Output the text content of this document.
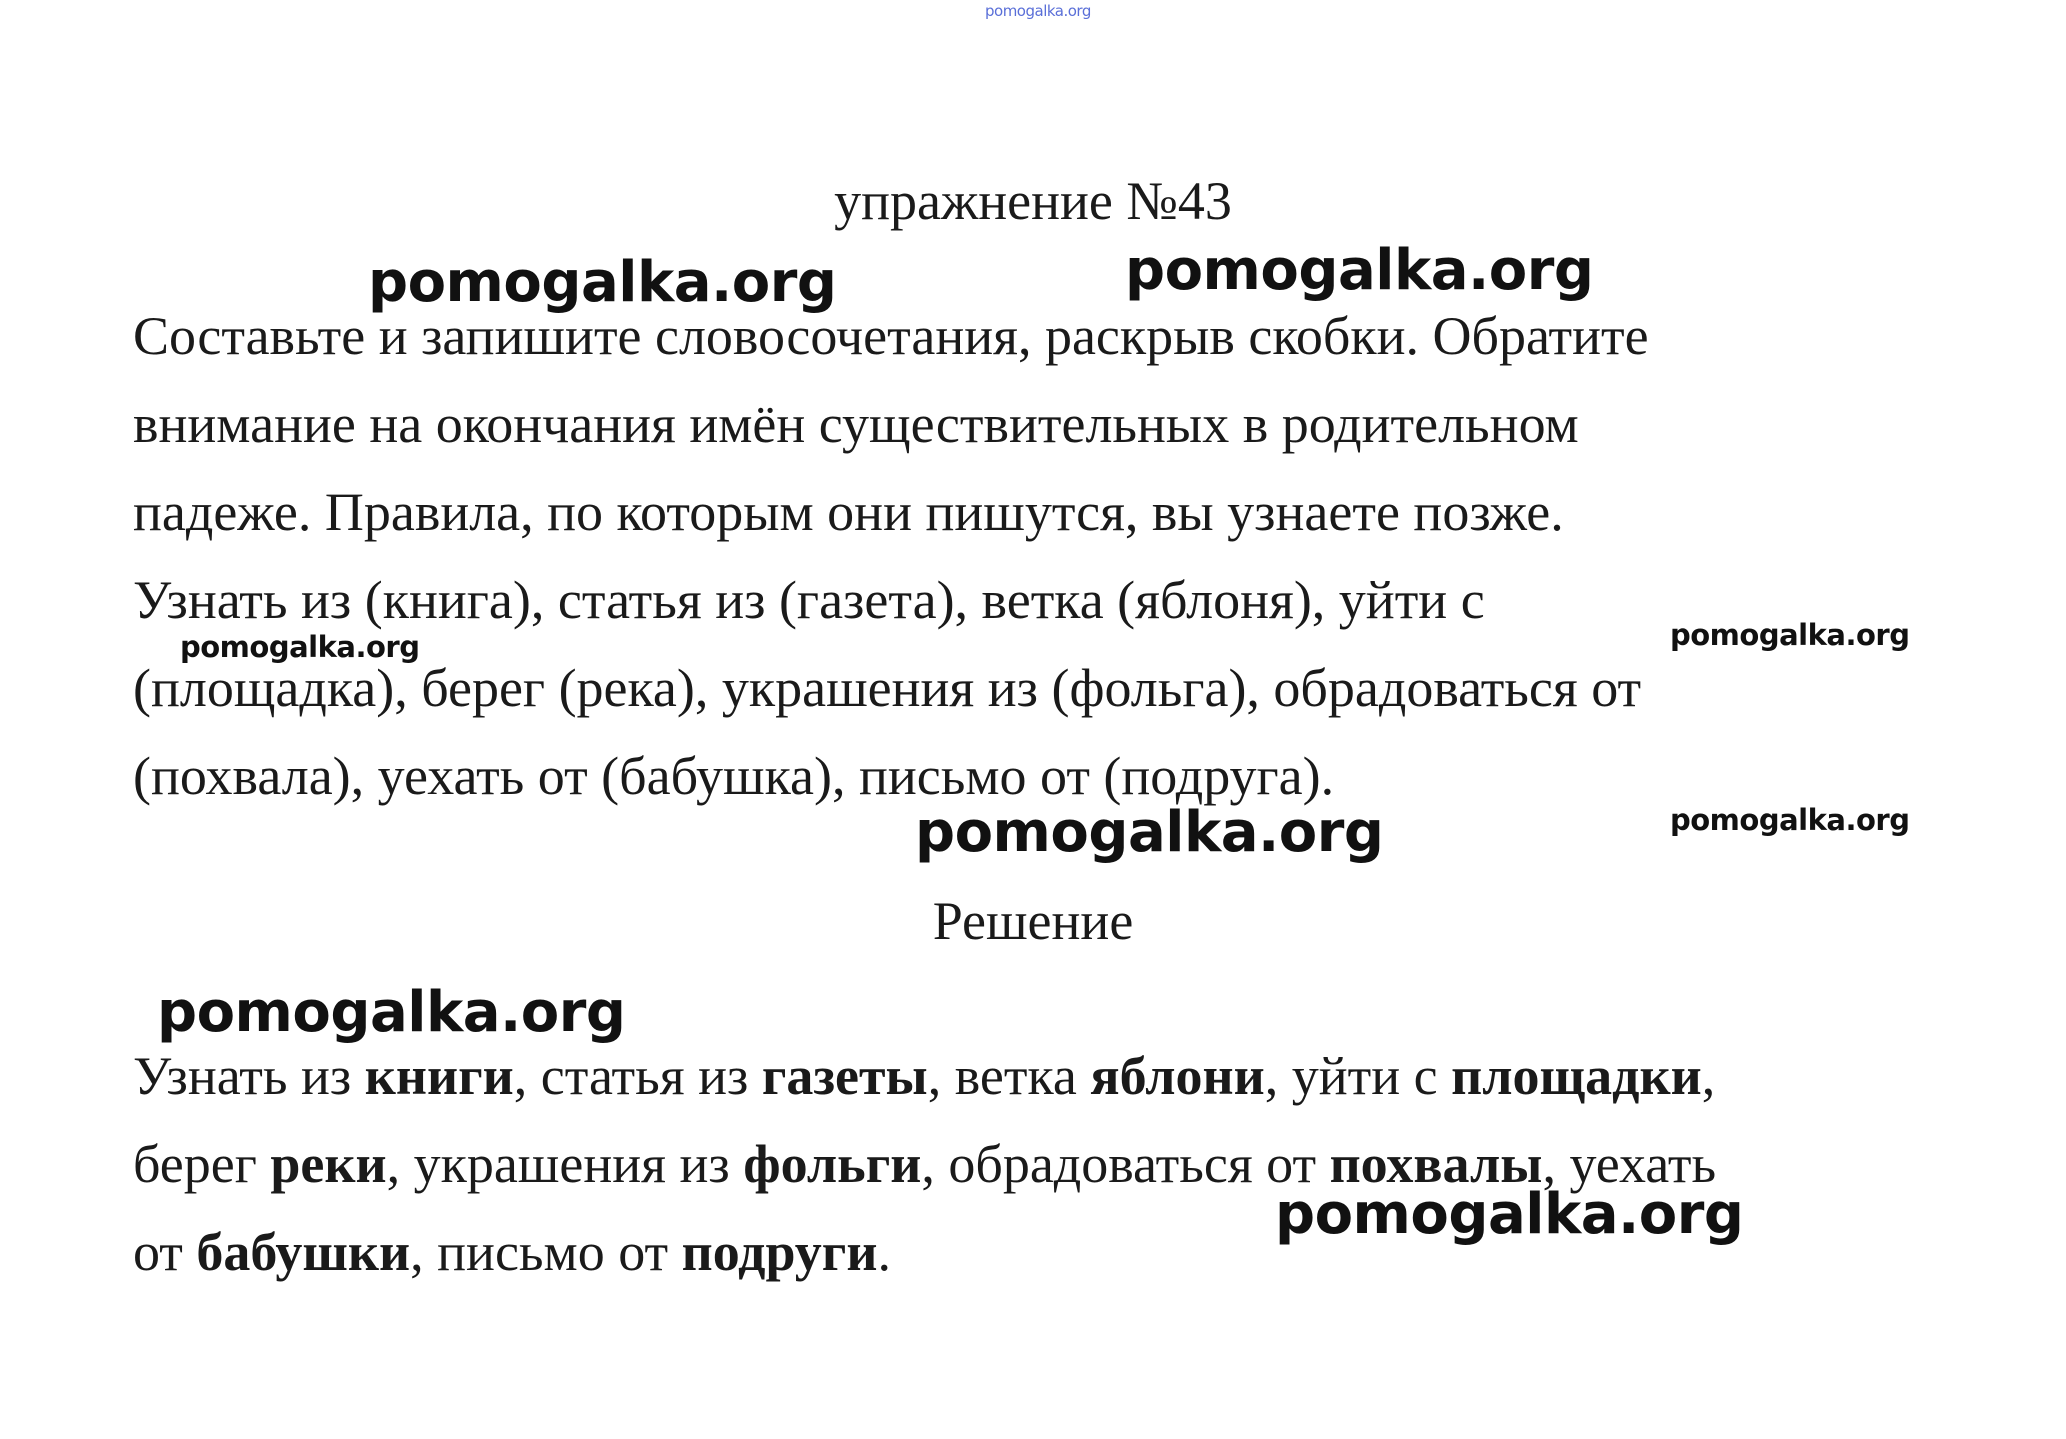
pomogalka.org
pomogalka.org	pomogalka.org
pomogalka.org	pomogalka.org
pomogalka.org	pomogalka.org
pomogalka.org
pomogalka.org
упражнение №43
Составьте и запишите словосочетания, раскрыв скобки. Обратите
внимание на окончания имён существительных в родительном
падеже. Правила, по которым они пишутся, вы узнаете позже.
Узнать из (книга), статья из (газета), ветка (яблоня), уйти с
(площадка), берег (река), украшения из (фольга), обрадоваться от
(похвала), уехать от (бабушка), письмо от (подруга).
Решение
Узнать из книги, статья из газеты, ветка яблони, уйти с площадки,
берег реки, украшения из фольги, обрадоваться от похвалы, уехать
от бабушки, письмо от подруги.
